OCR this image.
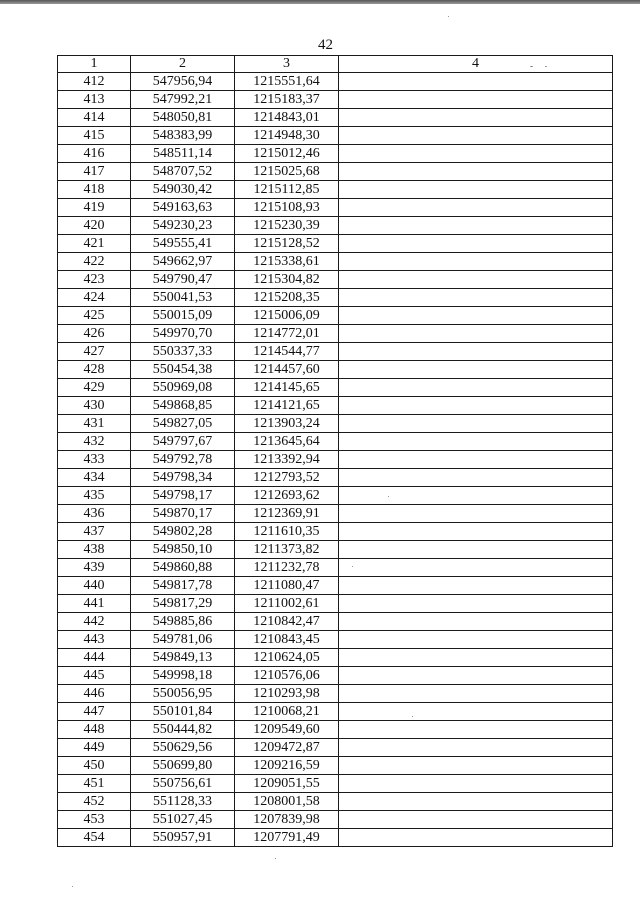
42
1	2	3	4
412	547956,94	1215551,64	
413	547992,21	1215183,37	
414	548050,81	1214843,01	
415	548383,99	1214948,30	
416	548511,14	1215012,46	
417	548707,52	1215025,68	
418	549030,42	1215112,85	
419	549163,63	1215108,93	
420	549230,23	1215230,39	
421	549555,41	1215128,52	
422	549662,97	1215338,61	
423	549790,47	1215304,82	
424	550041,53	1215208,35	
425	550015,09	1215006,09	
426	549970,70	1214772,01	
427	550337,33	1214544,77	
428	550454,38	1214457,60	
429	550969,08	1214145,65	
430	549868,85	1214121,65	
431	549827,05	1213903,24	
432	549797,67	1213645,64	
433	549792,78	1213392,94	
434	549798,34	1212793,52	
435	549798,17	1212693,62	
436	549870,17	1212369,91	
437	549802,28	1211610,35	
438	549850,10	1211373,82	
439	549860,88	1211232,78	
440	549817,78	1211080,47	
441	549817,29	1211002,61	
442	549885,86	1210842,47	
443	549781,06	1210843,45	
444	549849,13	1210624,05	
445	549998,18	1210576,06	
446	550056,95	1210293,98	
447	550101,84	1210068,21	
448	550444,82	1209549,60	
449	550629,56	1209472,87	
450	550699,80	1209216,59	
451	550756,61	1209051,55	
452	551128,33	1208001,58	
453	551027,45	1207839,98	
454	550957,91	1207791,49	
